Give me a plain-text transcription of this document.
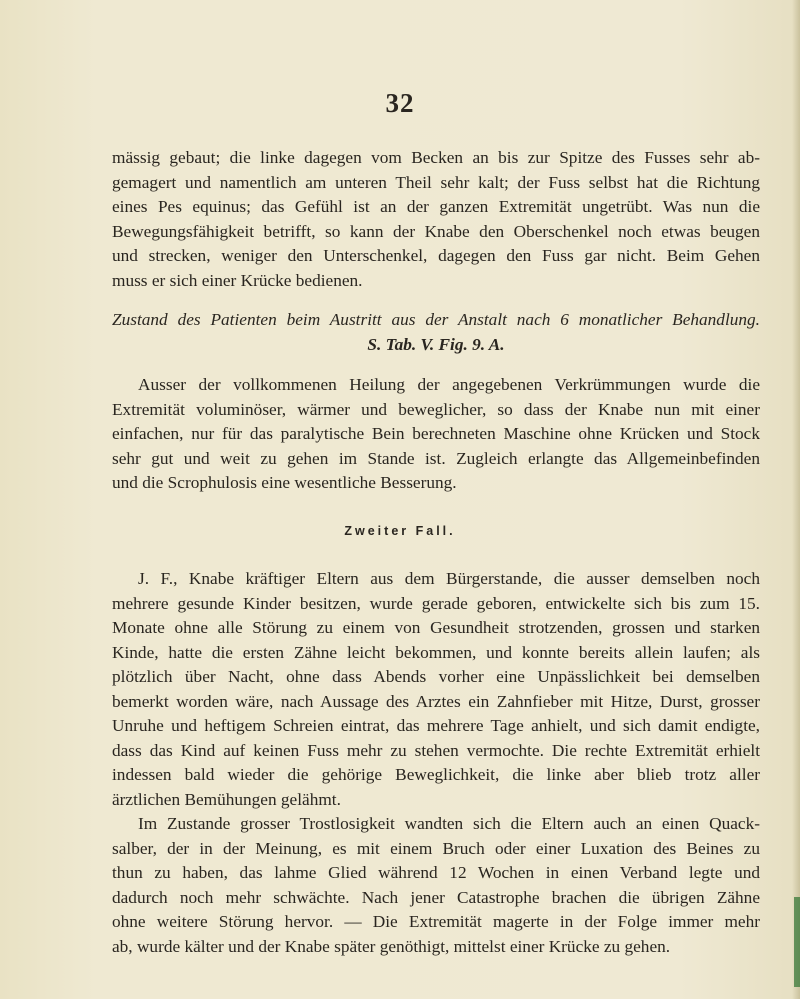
32
mässig gebaut; die linke dagegen vom Becken an bis zur Spitze des Fusses sehr ab-
gemagert und namentlich am unteren Theil sehr kalt; der Fuss selbst hat die Richtung
eines Pes equinus; das Gefühl ist an der ganzen Extremität ungetrübt. Was nun die
Bewegungsfähigkeit betrifft, so kann der Knabe den Oberschenkel noch etwas beugen
und strecken, weniger den Unterschenkel, dagegen den Fuss gar nicht. Beim Gehen
muss er sich einer Krücke bedienen.
Zustand des Patienten beim Austritt aus der Anstalt nach 6 monatlicher Behandlung.
S. Tab. V. Fig. 9. A.
Ausser der vollkommenen Heilung der angegebenen Verkrümmungen wurde die
Extremität voluminöser, wärmer und beweglicher, so dass der Knabe nun mit einer
einfachen, nur für das paralytische Bein berechneten Maschine ohne Krücken und Stock
sehr gut und weit zu gehen im Stande ist. Zugleich erlangte das Allgemeinbefinden
und die Scrophulosis eine wesentliche Besserung.
Zweiter Fall.
J. F., Knabe kräftiger Eltern aus dem Bürgerstande, die ausser demselben noch
mehrere gesunde Kinder besitzen, wurde gerade geboren, entwickelte sich bis zum 15.
Monate ohne alle Störung zu einem von Gesundheit strotzenden, grossen und starken
Kinde, hatte die ersten Zähne leicht bekommen, und konnte bereits allein laufen; als
plötzlich über Nacht, ohne dass Abends vorher eine Unpässlichkeit bei demselben
bemerkt worden wäre, nach Aussage des Arztes ein Zahnfieber mit Hitze, Durst, grosser
Unruhe und heftigem Schreien eintrat, das mehrere Tage anhielt, und sich damit endigte,
dass das Kind auf keinen Fuss mehr zu stehen vermochte. Die rechte Extremität erhielt
indessen bald wieder die gehörige Beweglichkeit, die linke aber blieb trotz aller
ärztlichen Bemühungen gelähmt.
Im Zustande grosser Trostlosigkeit wandten sich die Eltern auch an einen Quack-
salber, der in der Meinung, es mit einem Bruch oder einer Luxation des Beines zu
thun zu haben, das lahme Glied während 12 Wochen in einen Verband legte und
dadurch noch mehr schwächte. Nach jener Catastrophe brachen die übrigen Zähne
ohne weitere Störung hervor. — Die Extremität magerte in der Folge immer mehr
ab, wurde kälter und der Knabe später genöthigt, mittelst einer Krücke zu gehen.
